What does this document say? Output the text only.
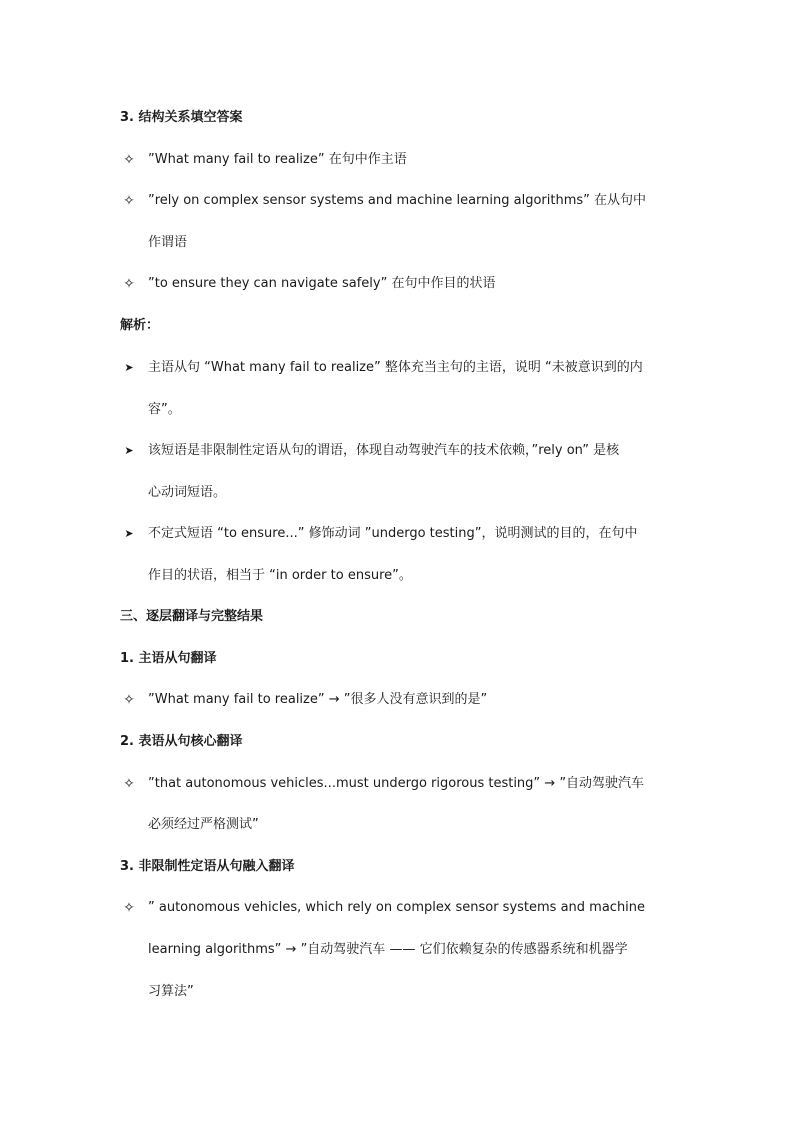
3. 结构关系填空答案
✧ ”What many fail to realize” 在句中作主语
✧ ”rely on complex sensor systems and machine learning algorithms” 在从句中
作谓语
✧ ”to ensure they can navigate safely” 在句中作目的状语
解析：
➤ 主语从句 “What many fail to realize” 整体充当主句的主语，说明 “未被意识到的内
容”。
➤ 该短语是非限制性定语从句的谓语，体现自动驾驶汽车的技术依赖，”rely on” 是核
心动词短语。
➤ 不定式短语 “to ensure...” 修饰动词 ”undergo testing”，说明测试的目的，在句中
作目的状语，相当于 “in order to ensure”。
三、逐层翻译与完整结果
1. 主语从句翻译
✧ ”What many fail to realize” → ”很多人没有意识到的是”
2. 表语从句核心翻译
✧ ”that autonomous vehicles...must undergo rigorous testing” → ”自动驾驶汽车
必须经过严格测试”
3. 非限制性定语从句融入翻译
✧ ” autonomous vehicles, which rely on complex sensor systems and machine
learning algorithms” → ”自动驾驶汽车 —— 它们依赖复杂的传感器系统和机器学
习算法”
